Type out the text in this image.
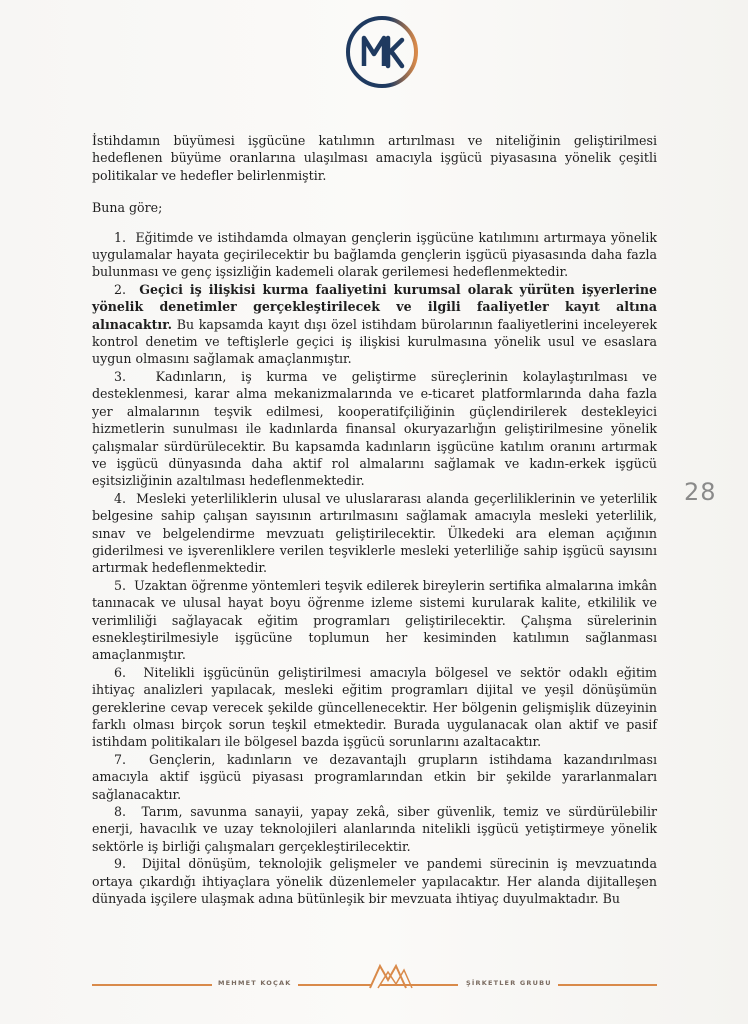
İstihdamın büyümesi işgücüne katılımın artırılması ve niteliğinin geliştirilmesi hedeflenen büyüme oranlarına ulaşılması amacıyla işgücü piyasasına yönelik çeşitli politikalar ve hedefler belirlenmiştir.

Buna göre;

1. Eğitimde ve istihdamda olmayan gençlerin işgücüne katılımını artırmaya yönelik uygulamalar hayata geçirilecektir bu bağlamda gençlerin işgücü piyasasında daha fazla bulunması ve genç işsizliğin kademeli olarak gerilemesi hedeflenmektedir.

2. Geçici iş ilişkisi kurma faaliyetini kurumsal olarak yürüten işyerlerine yönelik denetimler gerçekleştirilecek ve ilgili faaliyetler kayıt altına alınacaktır. Bu kapsamda kayıt dışı özel istihdam bürolarının faaliyetlerini inceleyerek kontrol denetim ve teftişlerle geçici iş ilişkisi kurulmasına yönelik usul ve esaslara uygun olmasını sağlamak amaçlanmıştır.

3. Kadınların, iş kurma ve geliştirme süreçlerinin kolaylaştırılması ve desteklenmesi, karar alma mekanizmalarında ve e-ticaret platformlarında daha fazla yer almalarının teşvik edilmesi, kooperatifçiliğinin güçlendirilerek destekleyici hizmetlerin sunulması ile kadınlarda finansal okuryazarlığın geliştirilmesine yönelik çalışmalar sürdürülecektir. Bu kapsamda kadınların işgücüne katılım oranını artırmak ve işgücü dünyasında daha aktif rol almalarını sağlamak ve kadın-erkek işgücü eşitsizliğinin azaltılması hedeflenmektedir.

4. Mesleki yeterliliklerin ulusal ve uluslararası alanda geçerliliklerinin ve yeterlilik belgesine sahip çalışan sayısının artırılmasını sağlamak amacıyla mesleki yeterlilik, sınav ve belgelendirme mevzuatı geliştirilecektir. Ülkedeki ara eleman açığının giderilmesi ve işverenliklere verilen teşviklerle mesleki yeterliliğe sahip işgücü sayısını artırmak hedeflenmektedir.

5. Uzaktan öğrenme yöntemleri teşvik edilerek bireylerin sertifika almalarına imkân tanınacak ve ulusal hayat boyu öğrenme izleme sistemi kurularak kalite, etkililik ve verimliliği sağlayacak eğitim programları geliştirilecektir. Çalışma sürelerinin esnekleştirilmesiyle işgücüne toplumun her kesiminden katılımın sağlanması amaçlanmıştır.

6. Nitelikli işgücünün geliştirilmesi amacıyla bölgesel ve sektör odaklı eğitim ihtiyaç analizleri yapılacak, mesleki eğitim programları dijital ve yeşil dönüşümün gereklerine cevap verecek şekilde güncellenecektir. Her bölgenin gelişmişlik düzeyinin farklı olması birçok sorun teşkil etmektedir. Burada uygulanacak olan aktif ve pasif istihdam politikaları ile bölgesel bazda işgücü sorunlarını azaltacaktır.

7. Gençlerin, kadınların ve dezavantajlı grupların istihdama kazandırılması amacıyla aktif işgücü piyasası programlarından etkin bir şekilde yararlanmaları sağlanacaktır.

8. Tarım, savunma sanayii, yapay zekâ, siber güvenlik, temiz ve sürdürülebilir enerji, havacılık ve uzay teknolojileri alanlarında nitelikli işgücü yetiştirmeye yönelik sektörle iş birliği çalışmaları gerçekleştirilecektir.

9. Dijital dönüşüm, teknolojik gelişmeler ve pandemi sürecinin iş mevzuatında ortaya çıkardığı ihtiyaçlara yönelik düzenlemeler yapılacaktır. Her alanda dijitalleşen dünyada işçilere ulaşmak adına bütünleşik bir mevzuata ihtiyaç duyulmaktadır. Bu

28
MEHMET KOÇAK	ŞİRKETLER GRUBU
